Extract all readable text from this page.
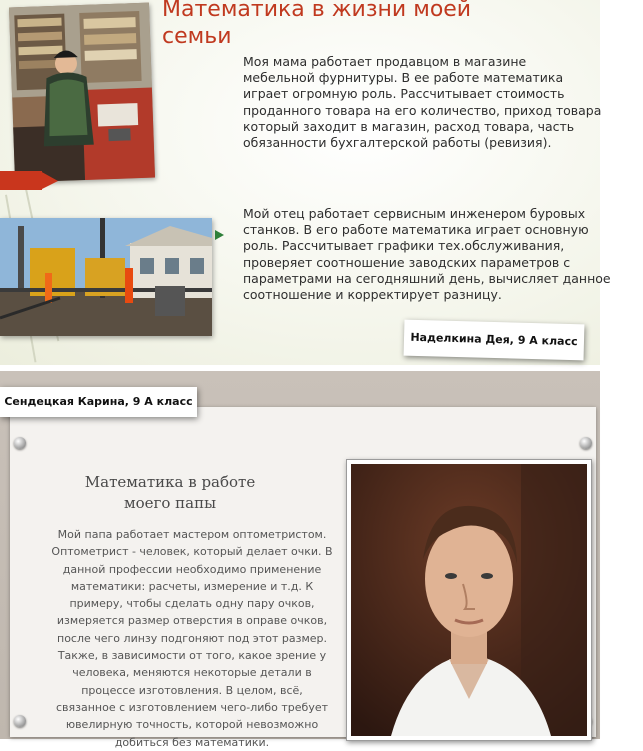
Математика в жизни моей
семьи
Моя мама работает продавцом в магазине
мебельной фурнитуры. В ее работе математика
играет огромную роль. Рассчитывает стоимость
проданного товара на его количество, приход товара
который заходит в магазин, расход товара, часть
обязанности бухгалтерской работы (ревизия).
Мой отец работает сервисным инженером буровых
станков. В его работе математика играет основную
роль. Рассчитывает графики тех.обслуживания,
проверяет соотношение заводских параметров с
параметрами на сегодняшний день, вычисляет данное
соотношение и корректирует разницу.
Наделкина Дея, 9 А класс
Математика в работе
моего папы
Мой папа работает мастером оптометристом.
Оптометрист - человек, который делает очки. В
данной профессии необходимо применение
математики: расчеты, измерение и т.д. К
примеру, чтобы сделать одну пару очков,
измеряется размер отверстия в оправе очков,
после чего линзу подгоняют под этот размер.
Также, в зависимости от того, какое зрение у
человека, меняются некоторые детали в
процессе изготовления. В целом, всё,
связанное с изготовлением чего-либо требует
ювелирную точность, которой невозможно
добиться без математики.
Сендецкая Карина, 9 А класс
